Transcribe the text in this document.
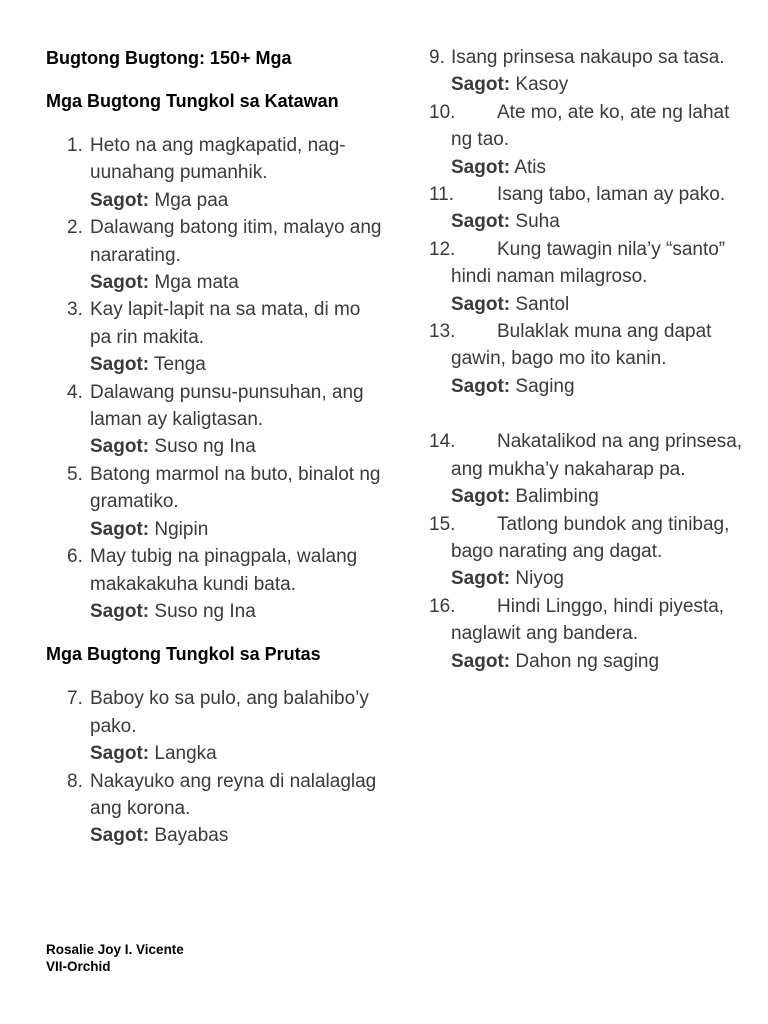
Bugtong Bugtong: 150+ Mga
Mga Bugtong Tungkol sa Katawan
1. Heto na ang magkapatid, nag-uunahang pumanhik.
Sagot: Mga paa
2. Dalawang batong itim, malayo ang nararating.
Sagot: Mga mata
3. Kay lapit-lapit na sa mata, di mo pa rin makita.
Sagot: Tenga
4. Dalawang punsu-punsuhan, ang laman ay kaligtasan.
Sagot: Suso ng Ina
5. Batong marmol na buto, binalot ng gramatiko.
Sagot: Ngipin
6. May tubig na pinagpala, walang makakakuha kundi bata.
Sagot: Suso ng Ina
Mga Bugtong Tungkol sa Prutas
7. Baboy ko sa pulo, ang balahibo’y pako.
Sagot: Langka
8. Nakayuko ang reyna di nalalaglag ang korona.
Sagot: Bayabas
9. Isang prinsesa nakaupo sa tasa.
Sagot: Kasoy
10. Ate mo, ate ko, ate ng lahat ng tao.
Sagot: Atis
11. Isang tabo, laman ay pako.
Sagot: Suha
12. Kung tawagin nila’y “santo” hindi naman milagroso.
Sagot: Santol
13. Bulaklak muna ang dapat gawin, bago mo ito kanin.
Sagot: Saging
14. Nakatalikod na ang prinsesa, ang mukha’y nakaharap pa.
Sagot: Balimbing
15. Tatlong bundok ang tinibag, bago narating ang dagat.
Sagot: Niyog
16. Hindi Linggo, hindi piyesta, naglawit ang bandera.
Sagot: Dahon ng saging
Rosalie Joy I. Vicente
VII-Orchid
